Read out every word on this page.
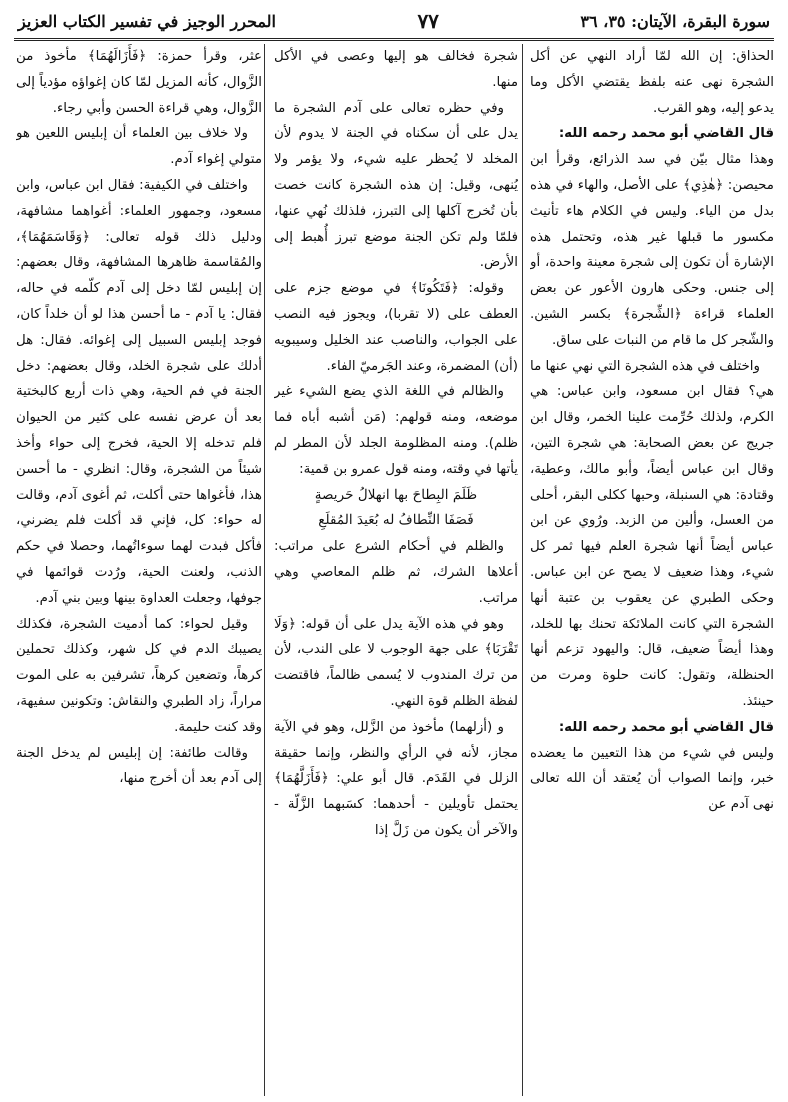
سورة البقرة، الآيتان: ٣٥، ٣٦
٧٧
المحرر الوجيز في تفسير الكتاب العزيز

الحذاق: إن الله لمّا أراد النهي عن أكل الشجرة نهى عنه بلفظ يقتضي الأكل وما يدعو إليه، وهو القرب.

قال القاضي أبو محمد رحمه الله:

وهذا مثال بيّن في سد الذرائع، وقرأ ابن محيصن: ﴿هٰذِي﴾ على الأصل، والهاء في هذه بدل من الياء. وليس في الكلام هاء تأنيث مكسور ما قبلها غير هذه، وتحتمل هذه الإشارة أن تكون إلى شجرة معينة واحدة، أو إلى جنس. وحكى هارون الأعور عن بعض العلماء قراءة ﴿الشِّجرة﴾ بكسر الشين. والشّجر كل ما قام من النبات على ساق.

واختلف في هذه الشجرة التي نهي عنها ما هي؟ فقال ابن مسعود، وابن عباس: هي الكرم، ولذلك حُرِّمت علينا الخمر، وقال ابن جريج عن بعض الصحابة: هي شجرة التين، وقال ابن عباس أيضاً، وأبو مالك، وعطية، وقتادة: هي السنبلة، وحبها ككلى البقر، أحلى من العسل، وألين من الزبد. ورُوي عن ابن عباس أيضاً أنها شجرة العلم فيها ثمر كل شيء، وهذا ضعيف لا يصح عن ابن عباس. وحكى الطبري عن يعقوب بن عتبة أنها الشجرة التي كانت الملائكة تحنك بها للخلد، وهذا أيضاً ضعيف، قال: واليهود تزعم أنها الحنظلة، وتقول: كانت حلوة ومرت من حينئذ.

قال القاضي أبو محمد رحمه الله:

وليس في شيء من هذا التعيين ما يعضده خبر، وإنما الصواب أن يُعتقد أن الله تعالى نهى آدم عن

شجرة فخالف هو إليها وعصى في الأكل منها.

وفي حظره تعالى على آدم الشجرة ما يدل على أن سكناه في الجنة لا يدوم لأن المخلد لا يُحظر عليه شيء، ولا يؤمر ولا يُنهى، وقيل: إن هذه الشجرة كانت خصت بأن تُخرج آكلها إلى التبرز، فلذلك نُهي عنها، فلمّا ولم تكن الجنة موضع تبرز أُهبط إلى الأرض.

وقوله: ﴿فَتَكُونَا﴾ في موضع جزم على العطف على (لا تقربا)، ويجوز فيه النصب على الجواب، والناصب عند الخليل وسيبويه (أن) المضمرة، وعند الجَرميّ الفاء.

والظالم في اللغة الذي يضع الشيء غير موضعه، ومنه قولهم: (مَن أشبه أباه فما ظلم). ومنه المظلومة الجلد لأن المطر لم يأتها في وقته، ومنه قول عمرو بن قمية:

ظَلَمَ البِطاحَ بها انهلالُ حَريصةٍ

فَصَفَا النِّطافُ له بُعَيدَ المُقلَعِ

والظلم في أحكام الشرع على مراتب: أعلاها الشرك، ثم ظلم المعاصي وهي مراتب.

وهو في هذه الآية يدل على أن قوله: ﴿وَلَا تَقْرَبَا﴾ على جهة الوجوب لا على الندب، لأن من ترك المندوب لا يُسمى ظالماً، فاقتضت لفظة الظلم قوة النهي.

و (أزلهما) مأخوذ من الزَّلل، وهو في الآية مجاز، لأنه في الرأي والنظر، وإنما حقيقة الزلل في القَدَم. قال أبو علي: ﴿فَأَزَلَّهُمَا﴾ يحتمل تأويلين - أحدهما: كسَبهما الزَّلّة - والآخر أن يكون من زَلَّ إذا

عثر، وقرأ حمزة: ﴿فَأَزَالَهُمَا﴾ مأخوذ من الزَّوال، كأنه المزيل لمّا كان إغواؤه مؤدياً إلى الزَّوال، وهي قراءة الحسن وأبي رجاء.

ولا خلاف بين العلماء أن إبليس اللعين هو متولي إغواء آدم.

واختلف في الكيفية: فقال ابن عباس، وابن مسعود، وجمهور العلماء: أغواهما مشافهة، ودليل ذلك قوله تعالى: ﴿وَقَاسَمَهُمَا﴾، والمُقاسمة ظاهرها المشافهة، وقال بعضهم: إن إبليس لمّا دخل إلى آدم كلّمه في حاله، فقال: يا آدم - ما أحسن هذا لو أن خلداً كان، فوجد إبليس السبيل إلى إغوائه. فقال: هل أدلك على شجرة الخلد، وقال بعضهم: دخل الجنة في فم الحية، وهي ذات أربع كالبختية بعد أن عرض نفسه على كثير من الحيوان فلم تدخله إلا الحية، فخرج إلى حواء وأخذ شيئاً من الشجرة، وقال: انظري - ما أحسن هذا، فأغواها حتى أكلت، ثم أغوى آدم، وقالت له حواء: كل، فإني قد أكلت فلم يضرني، فأكل فبدت لهما سوءاتُهما، وحصلا في حكم الذنب، ولعنت الحية، ورُدت قوائمها في جوفها، وجعلت العداوة بينها وبين بني آدم.

وقيل لحواء: كما أدميت الشجرة، فكذلك يصيبك الدم في كل شهر، وكذلك تحملين كرهاً، وتضعين كرهاً، تشرفين به على الموت مراراً، زاد الطبري والنقاش: وتكونين سفيهة، وقد كنت حليمة.

وقالت طائفة: إن إبليس لم يدخل الجنة إلى آدم بعد أن أخرج منها،
